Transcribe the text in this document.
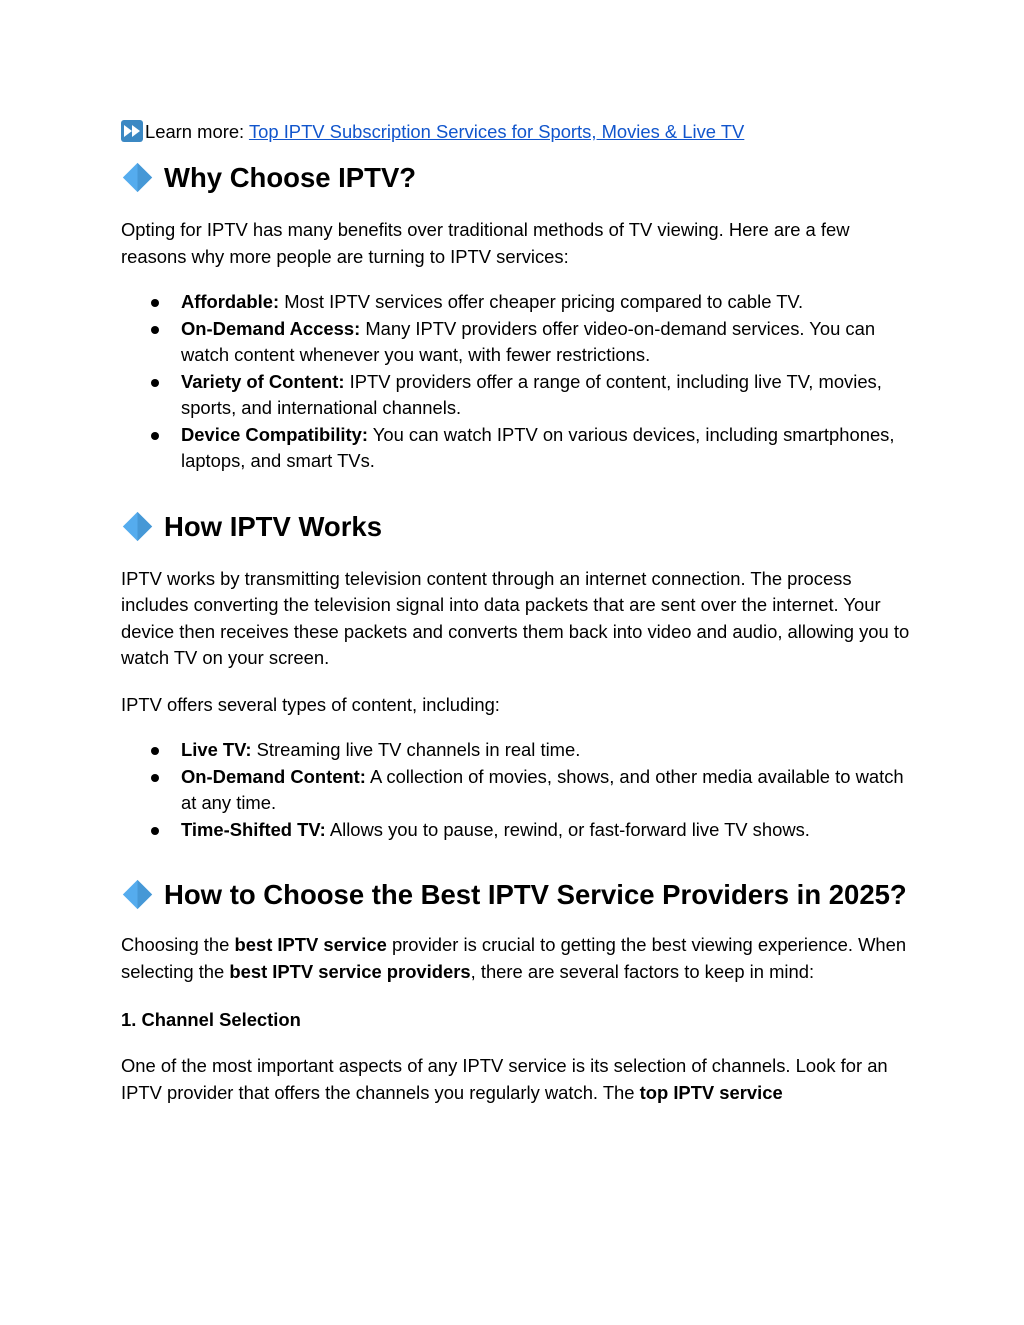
Learn more: Top IPTV Subscription Services for Sports, Movies & Live TV

Why Choose IPTV?

Opting for IPTV has many benefits over traditional methods of TV viewing. Here are a few reasons why more people are turning to IPTV services:

Affordable: Most IPTV services offer cheaper pricing compared to cable TV.
On-Demand Access: Many IPTV providers offer video-on-demand services. You can watch content whenever you want, with fewer restrictions.
Variety of Content: IPTV providers offer a range of content, including live TV, movies, sports, and international channels.
Device Compatibility: You can watch IPTV on various devices, including smartphones, laptops, and smart TVs.
How IPTV Works

IPTV works by transmitting television content through an internet connection. The process includes converting the television signal into data packets that are sent over the internet. Your device then receives these packets and converts them back into video and audio, allowing you to watch TV on your screen.

IPTV offers several types of content, including:

Live TV: Streaming live TV channels in real time.
On-Demand Content: A collection of movies, shows, and other media available to watch at any time.
Time-Shifted TV: Allows you to pause, rewind, or fast-forward live TV shows.
How to Choose the Best IPTV Service Providers in 2025?

Choosing the best IPTV service provider is crucial to getting the best viewing experience. When selecting the best IPTV service providers, there are several factors to keep in mind:

1. Channel Selection

One of the most important aspects of any IPTV service is its selection of channels. Look for an IPTV provider that offers the channels you regularly watch. The top IPTV service
